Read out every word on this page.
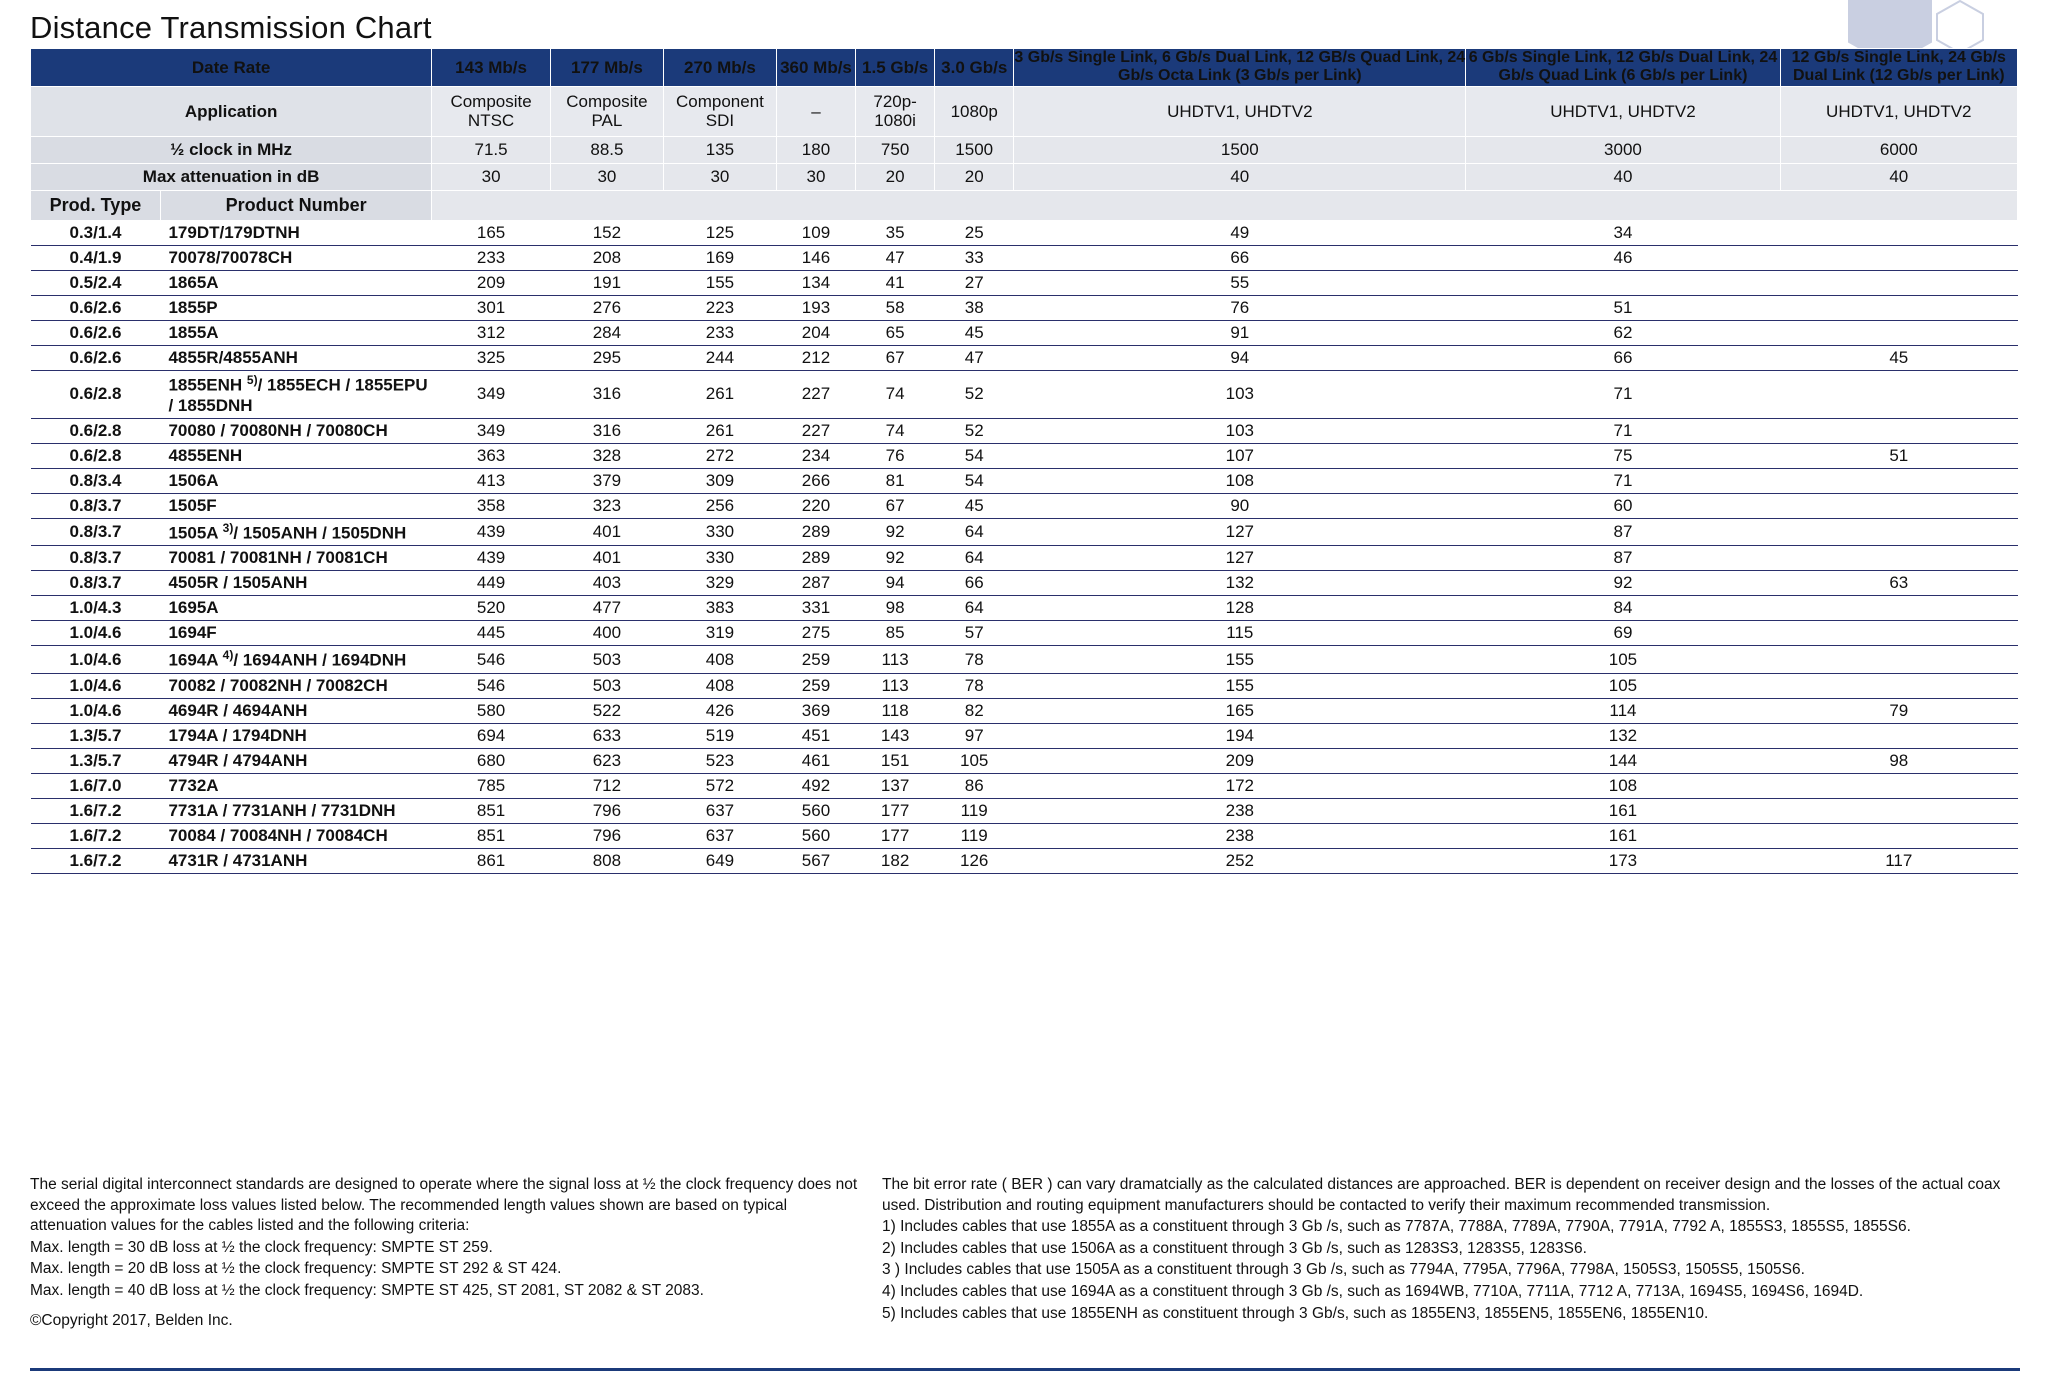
Distance Transmission Chart
Date Rate		143 Mb/s	177 Mb/s	270 Mb/s	360 Mb/s	1.5 Gb/s	3.0 Gb/s	3 Gb/s Single Link, 6 Gb/s Dual Link, 12 GB/s Quad Link, 24 Gb/s Octa Link (3 Gb/s per Link)	6 Gb/s Single Link, 12 Gb/s Dual Link, 24 Gb/s Quad Link (6 Gb/s per Link)	12 Gb/s Single Link, 24 Gb/s Dual Link (12 Gb/s per Link)
Application		Composite NTSC	Composite PAL	Component SDI	–	720p-1080i	1080p	UHDTV1, UHDTV2	UHDTV1, UHDTV2	UHDTV1, UHDTV2
½ clock in MHz		71.5	88.5	135	180	750	1500	1500	3000	6000
Max attenuation in dB		30	30	30	30	20	20	40	40	40
Prod. Type	Product Number									
0.3/1.4	179DT/179DTNH	165	152	125	109	35	25	49	34	
0.4/1.9	70078/70078CH	233	208	169	146	47	33	66	46	
0.5/2.4	1865A	209	191	155	134	41	27	55		
0.6/2.6	1855P	301	276	223	193	58	38	76	51	
0.6/2.6	1855A	312	284	233	204	65	45	91	62	
0.6/2.6	4855R/4855ANH	325	295	244	212	67	47	94	66	45
0.6/2.8	1855ENH $^{5)}$/ 1855ECH / 1855EPU / 1855DNH	349	316	261	227	74	52	103	71	
0.6/2.8	70080 / 70080NH / 70080CH	349	316	261	227	74	52	103	71	
0.6/2.8	4855ENH	363	328	272	234	76	54	107	75	51
0.8/3.4	1506A	413	379	309	266	81	54	108	71	
0.8/3.7	1505F	358	323	256	220	67	45	90	60	
0.8/3.7	1505A $^{3)}$/ 1505ANH / 1505DNH	439	401	330	289	92	64	127	87	
0.8/3.7	70081 / 70081NH / 70081CH	439	401	330	289	92	64	127	87	
0.8/3.7	4505R / 1505ANH	449	403	329	287	94	66	132	92	63
1.0/4.3	1695A	520	477	383	331	98	64	128	84	
1.0/4.6	1694F	445	400	319	275	85	57	115	69	
1.0/4.6	1694A $^{4)}$/ 1694ANH / 1694DNH	546	503	408	259	113	78	155	105	
1.0/4.6	70082 / 70082NH / 70082CH	546	503	408	259	113	78	155	105	
1.0/4.6	4694R / 4694ANH	580	522	426	369	118	82	165	114	79
1.3/5.7	1794A / 1794DNH	694	633	519	451	143	97	194	132	
1.3/5.7	4794R / 4794ANH	680	623	523	461	151	105	209	144	98
1.6/7.0	7732A	785	712	572	492	137	86	172	108	
1.6/7.2	7731A / 7731ANH / 7731DNH	851	796	637	560	177	119	238	161	
1.6/7.2	70084 / 70084NH / 70084CH	851	796	637	560	177	119	238	161	
1.6/7.2	4731R / 4731ANH	861	808	649	567	182	126	252	173	117
The serial digital interconnect standards are designed to operate where the signal loss at ½ the clock frequency does not exceed the approximate loss values listed below. The recommended length values shown are based on typical attenuation values for the cables listed and the following criteria:
Max. length = 30 dB loss at ½ the clock frequency: SMPTE ST 259.
Max. length = 20 dB loss at ½ the clock frequency: SMPTE ST 292 & ST 424.
Max. length = 40 dB loss at ½ the clock frequency: SMPTE ST 425, ST 2081, ST 2082 & ST 2083.
©Copyright 2017, Belden Inc.
The bit error rate ( BER ) can vary dramatcially as the calculated distances are approached. BER is dependent on receiver design and the losses of the actual coax used. Distribution and routing equipment manufacturers should be contacted to verify their maximum recommended transmission.
1) Includes cables that use 1855A as a constituent through 3 Gb /s, such as 7787A, 7788A, 7789A, 7790A, 7791A, 7792 A, 1855S3, 1855S5, 1855S6.
2) Includes cables that use 1506A as a constituent through 3 Gb /s, such as 1283S3, 1283S5, 1283S6.
3 ) Includes cables that use 1505A as a constituent through 3 Gb /s, such as 7794A, 7795A, 7796A, 7798A, 1505S3, 1505S5, 1505S6.
4) Includes cables that use 1694A as a constituent through 3 Gb /s, such as 1694WB, 7710A, 7711A, 7712 A, 7713A, 1694S5, 1694S6, 1694D.
5) Includes cables that use 1855ENH as constituent through 3 Gb/s, such as 1855EN3, 1855EN5, 1855EN6, 1855EN10.
